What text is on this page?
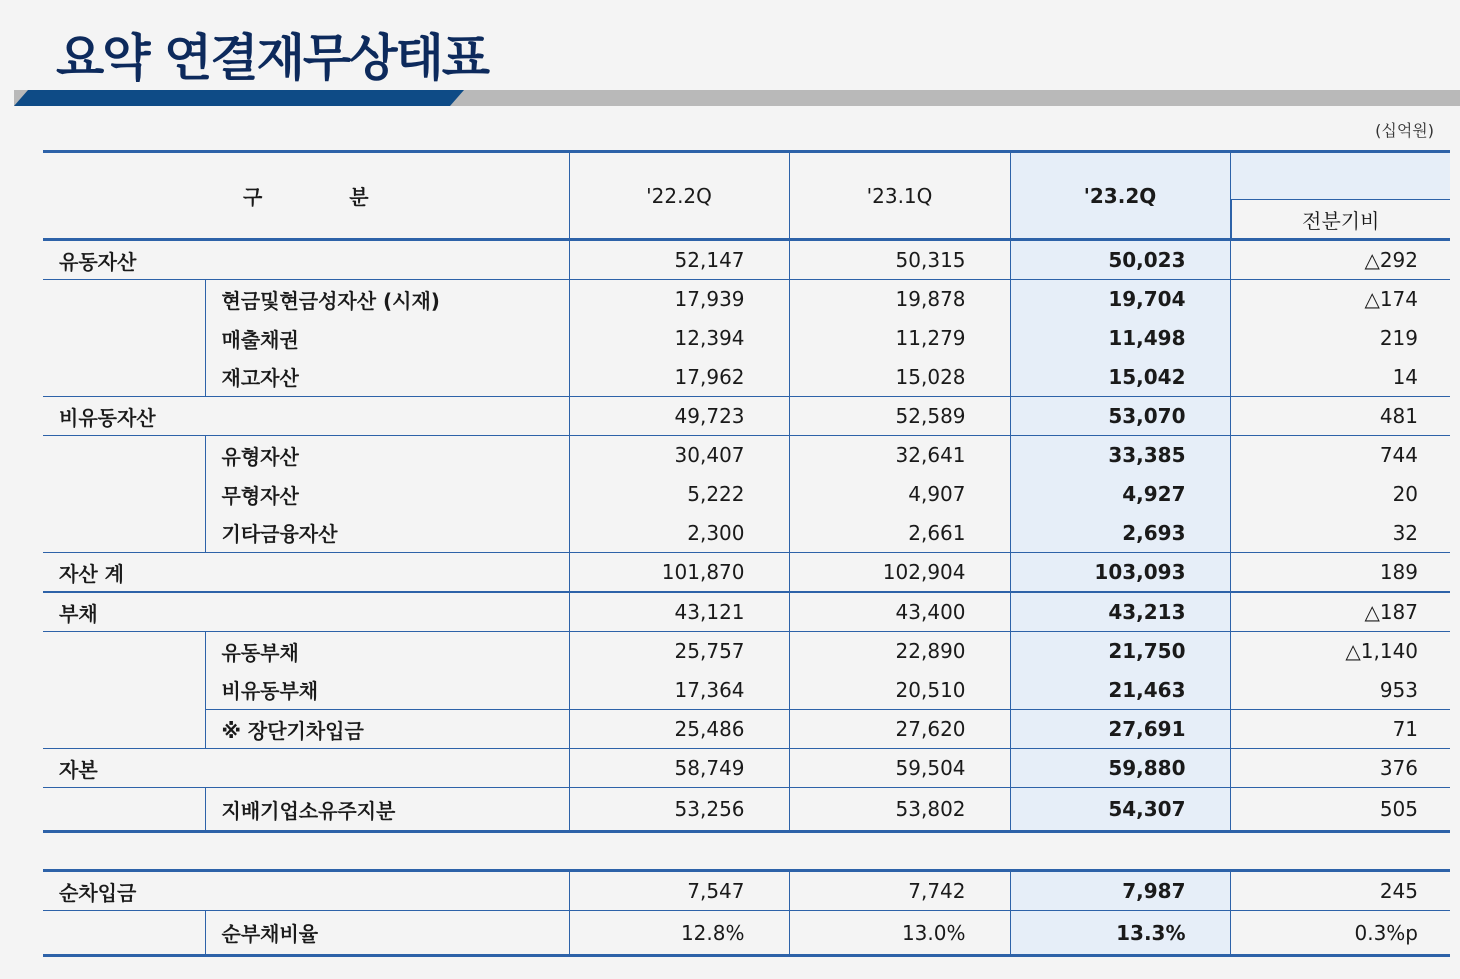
요약 연결재무상태표
(십억원)
구 분		'22.2Q	'23.1Q	'23.2Q	전분기비

유동자산		52,147	50,315	50,023	△292
	현금및현금성자산 (시재)	17,939	19,878	19,704	△174
	매출채권	12,394	11,279	11,498	219
	재고자산	17,962	15,028	15,042	14
비유동자산		49,723	52,589	53,070	481
	유형자산	30,407	32,641	33,385	744
	무형자산	5,222	4,907	4,927	20
	기타금융자산	2,300	2,661	2,693	32
자산 계		101,870	102,904	103,093	189
부채		43,121	43,400	43,213	△187
	유동부채	25,757	22,890	21,750	△1,140
	비유동부채	17,364	20,510	21,463	953
	※ 장단기차입금	25,486	27,620	27,691	71
자본		58,749	59,504	59,880	376
	지배기업소유주지분	53,256	53,802	54,307	505
순차입금		7,547	7,742	7,987	245
	순부채비율	12.8%	13.0%	13.3%	0.3%p
